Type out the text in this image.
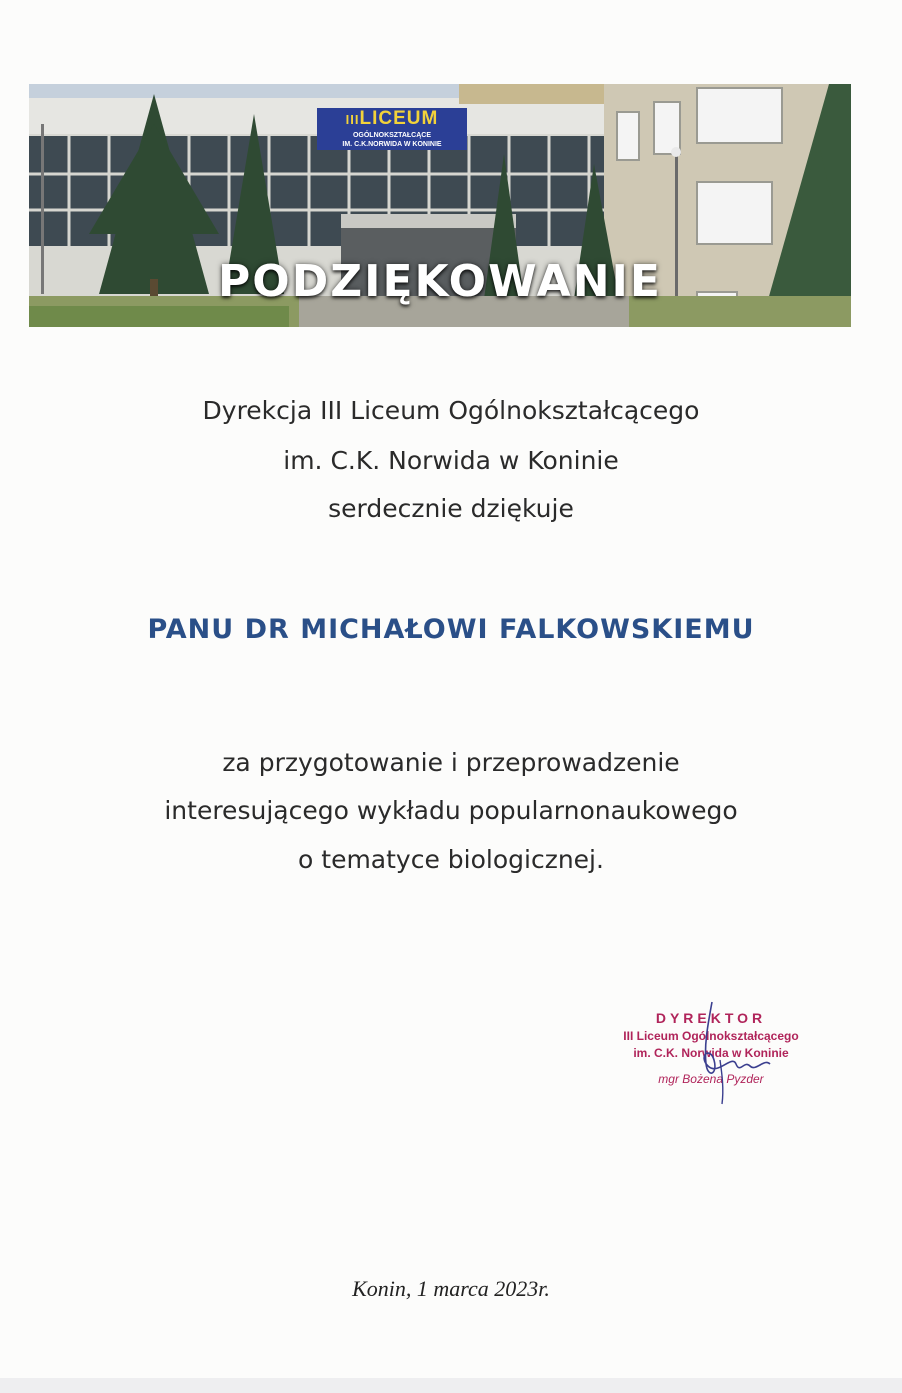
IIILICEUM
OGÓLNOKSZTAŁCĄCE
IM. C.K.NORWIDA W KONINIE
PODZIĘKOWANIE
Dyrekcja III Liceum Ogólnokształcącego
im. C.K. Norwida w Koninie
serdecznie dziękuje
PANU DR MICHAŁOWI FALKOWSKIEMU
za przygotowanie i przeprowadzenie
interesującego wykładu popularnonaukowego
o tematyce biologicznej.
DYREKTOR
III Liceum Ogólnokształcącego
im. C.K. Norwida w Koninie
mgr Bożena Pyzder
Konin, 1 marca 2023r.
